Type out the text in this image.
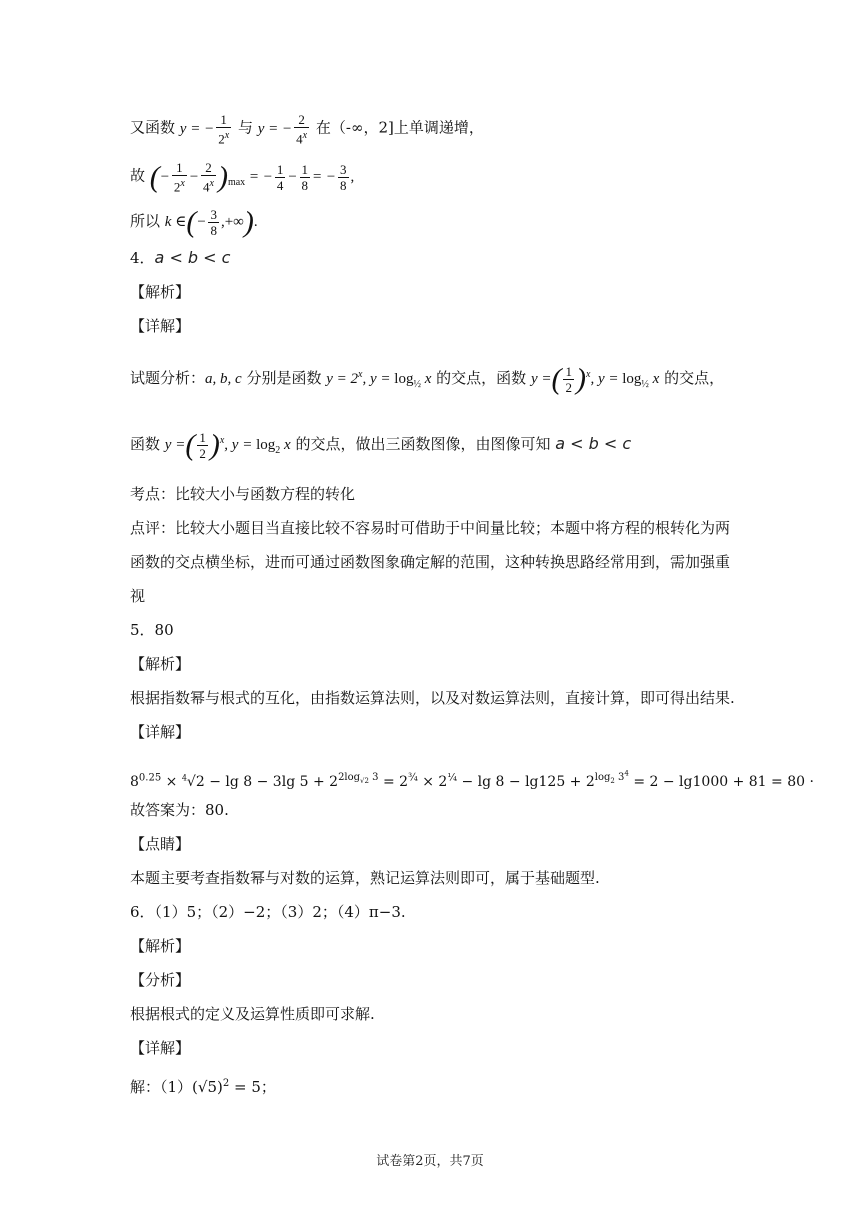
又函数 y = − $\frac{1}{2^x}$ 与 y = − $\frac{2}{4^x}$ 在（-∞，2]上单调递增，
故 (− $\frac{1}{2^x} - \frac{2}{4^x} )_{max}$ = − $\frac{1}{4} - \frac{1}{8}$ = − $\frac{3}{8}$ ,
所以 k ∈(− $\frac{3}{8}$ ,+∞).
4．a < b < c
【解析】
【详解】
试题分析：a, b, c 分别是函数 $y = 2^x$, $y = \log_{\frac{1}{2}} x$ 的交点，函数 y =( $\frac{1}{2} )^x$, $y = \log_{\frac{1}{2}} x$ 的交点，
函数 y =( $\frac{1}{2} )^x$, $y = \log_2 x$ 的交点，做出三函数图像，由图像可知 a < b < c
考点：比较大小与函数方程的转化
点评：比较大小题目当直接比较不容易时可借助于中间量比较；本题中将方程的根转化为两
函数的交点横坐标，进而可通过函数图象确定解的范围，这种转换思路经常用到，需加强重
视
5．80
【解析】
根据指数幂与根式的互化，由指数运算法则，以及对数运算法则，直接计算，即可得出结果.
【详解】
$8^{0.25} \times ^4√2 - \lg 8 - 3\lg$ $5 + 2^{2log_{√2} 3} = 2^{\frac{3}{4}} \times 2^{\frac{1}{4}} - \lg 8 - \lg 125 + 2^{log_2 3^4} = 2 - \lg 1000 + 81 = 80$ ·
故答案为：80.
【点睛】
本题主要考查指数幂与对数的运算，熟记运算法则即可，属于基础题型.
6．（1）5；（2）−2；（3）2；（4）π−3.
【解析】
【分析】
根据根式的定义及运算性质即可求解.
【详解】
解：$(1)(√5)^2 = 5$；
试卷第2页，共7页
